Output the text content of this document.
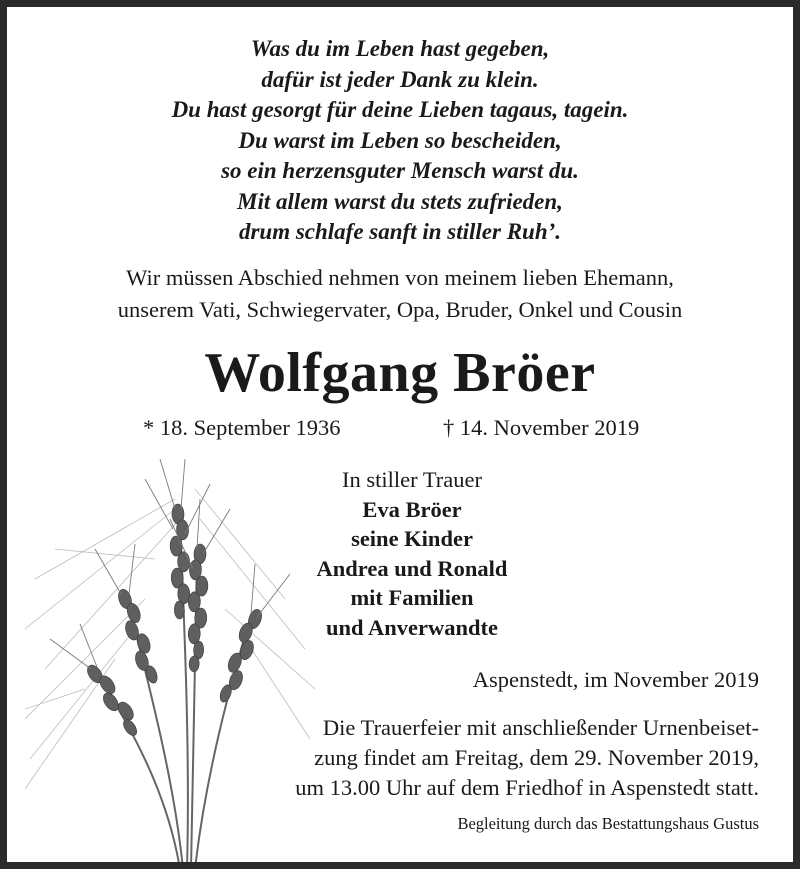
Was du im Leben hast gegeben,
dafür ist jeder Dank zu klein.
Du hast gesorgt für deine Lieben tagaus, tagein.
Du warst im Leben so bescheiden,
so ein herzensguter Mensch warst du.
Mit allem warst du stets zufrieden,
drum schlafe sanft in stiller Ruh’.
Wir müssen Abschied nehmen von meinem lieben Ehemann,
unserem Vati, Schwiegervater, Opa, Bruder, Onkel und Cousin
Wolfgang Bröer
* 18. September 1936	† 14. November 2019
In stiller Trauer
Eva Bröer
seine Kinder
Andrea und Ronald
mit Familien
und Anverwandte
Aspenstedt, im November 2019
Die Trauerfeier mit anschließender Urnenbeiset-
zung findet am Freitag, dem 29. November 2019,
um 13.00 Uhr auf dem Friedhof in Aspenstedt statt.
Begleitung durch das Bestattungshaus Gustus
